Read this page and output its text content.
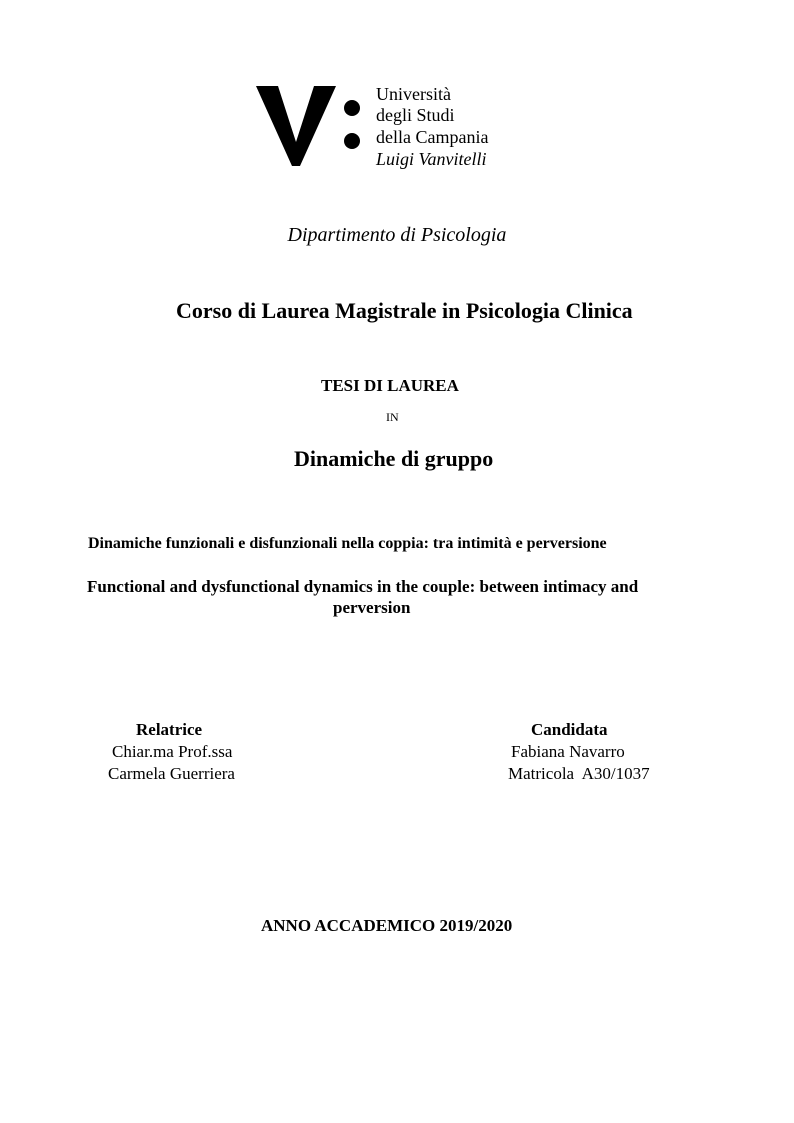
Università
degli Studi
della Campania
Luigi Vanvitelli
Dipartimento di Psicologia
Corso di Laurea Magistrale in Psicologia Clinica
TESI DI LAUREA
IN
Dinamiche di gruppo
Dinamiche funzionali e disfunzionali nella coppia: tra intimità e perversione
Functional and dysfunctional dynamics in the couple: between intimacy and
perversion
Relatrice
Chiar.ma Prof.ssa
Carmela Guerriera
Candidata
Fabiana Navarro
Matricola  A30/1037
ANNO ACCADEMICO 2019/2020
